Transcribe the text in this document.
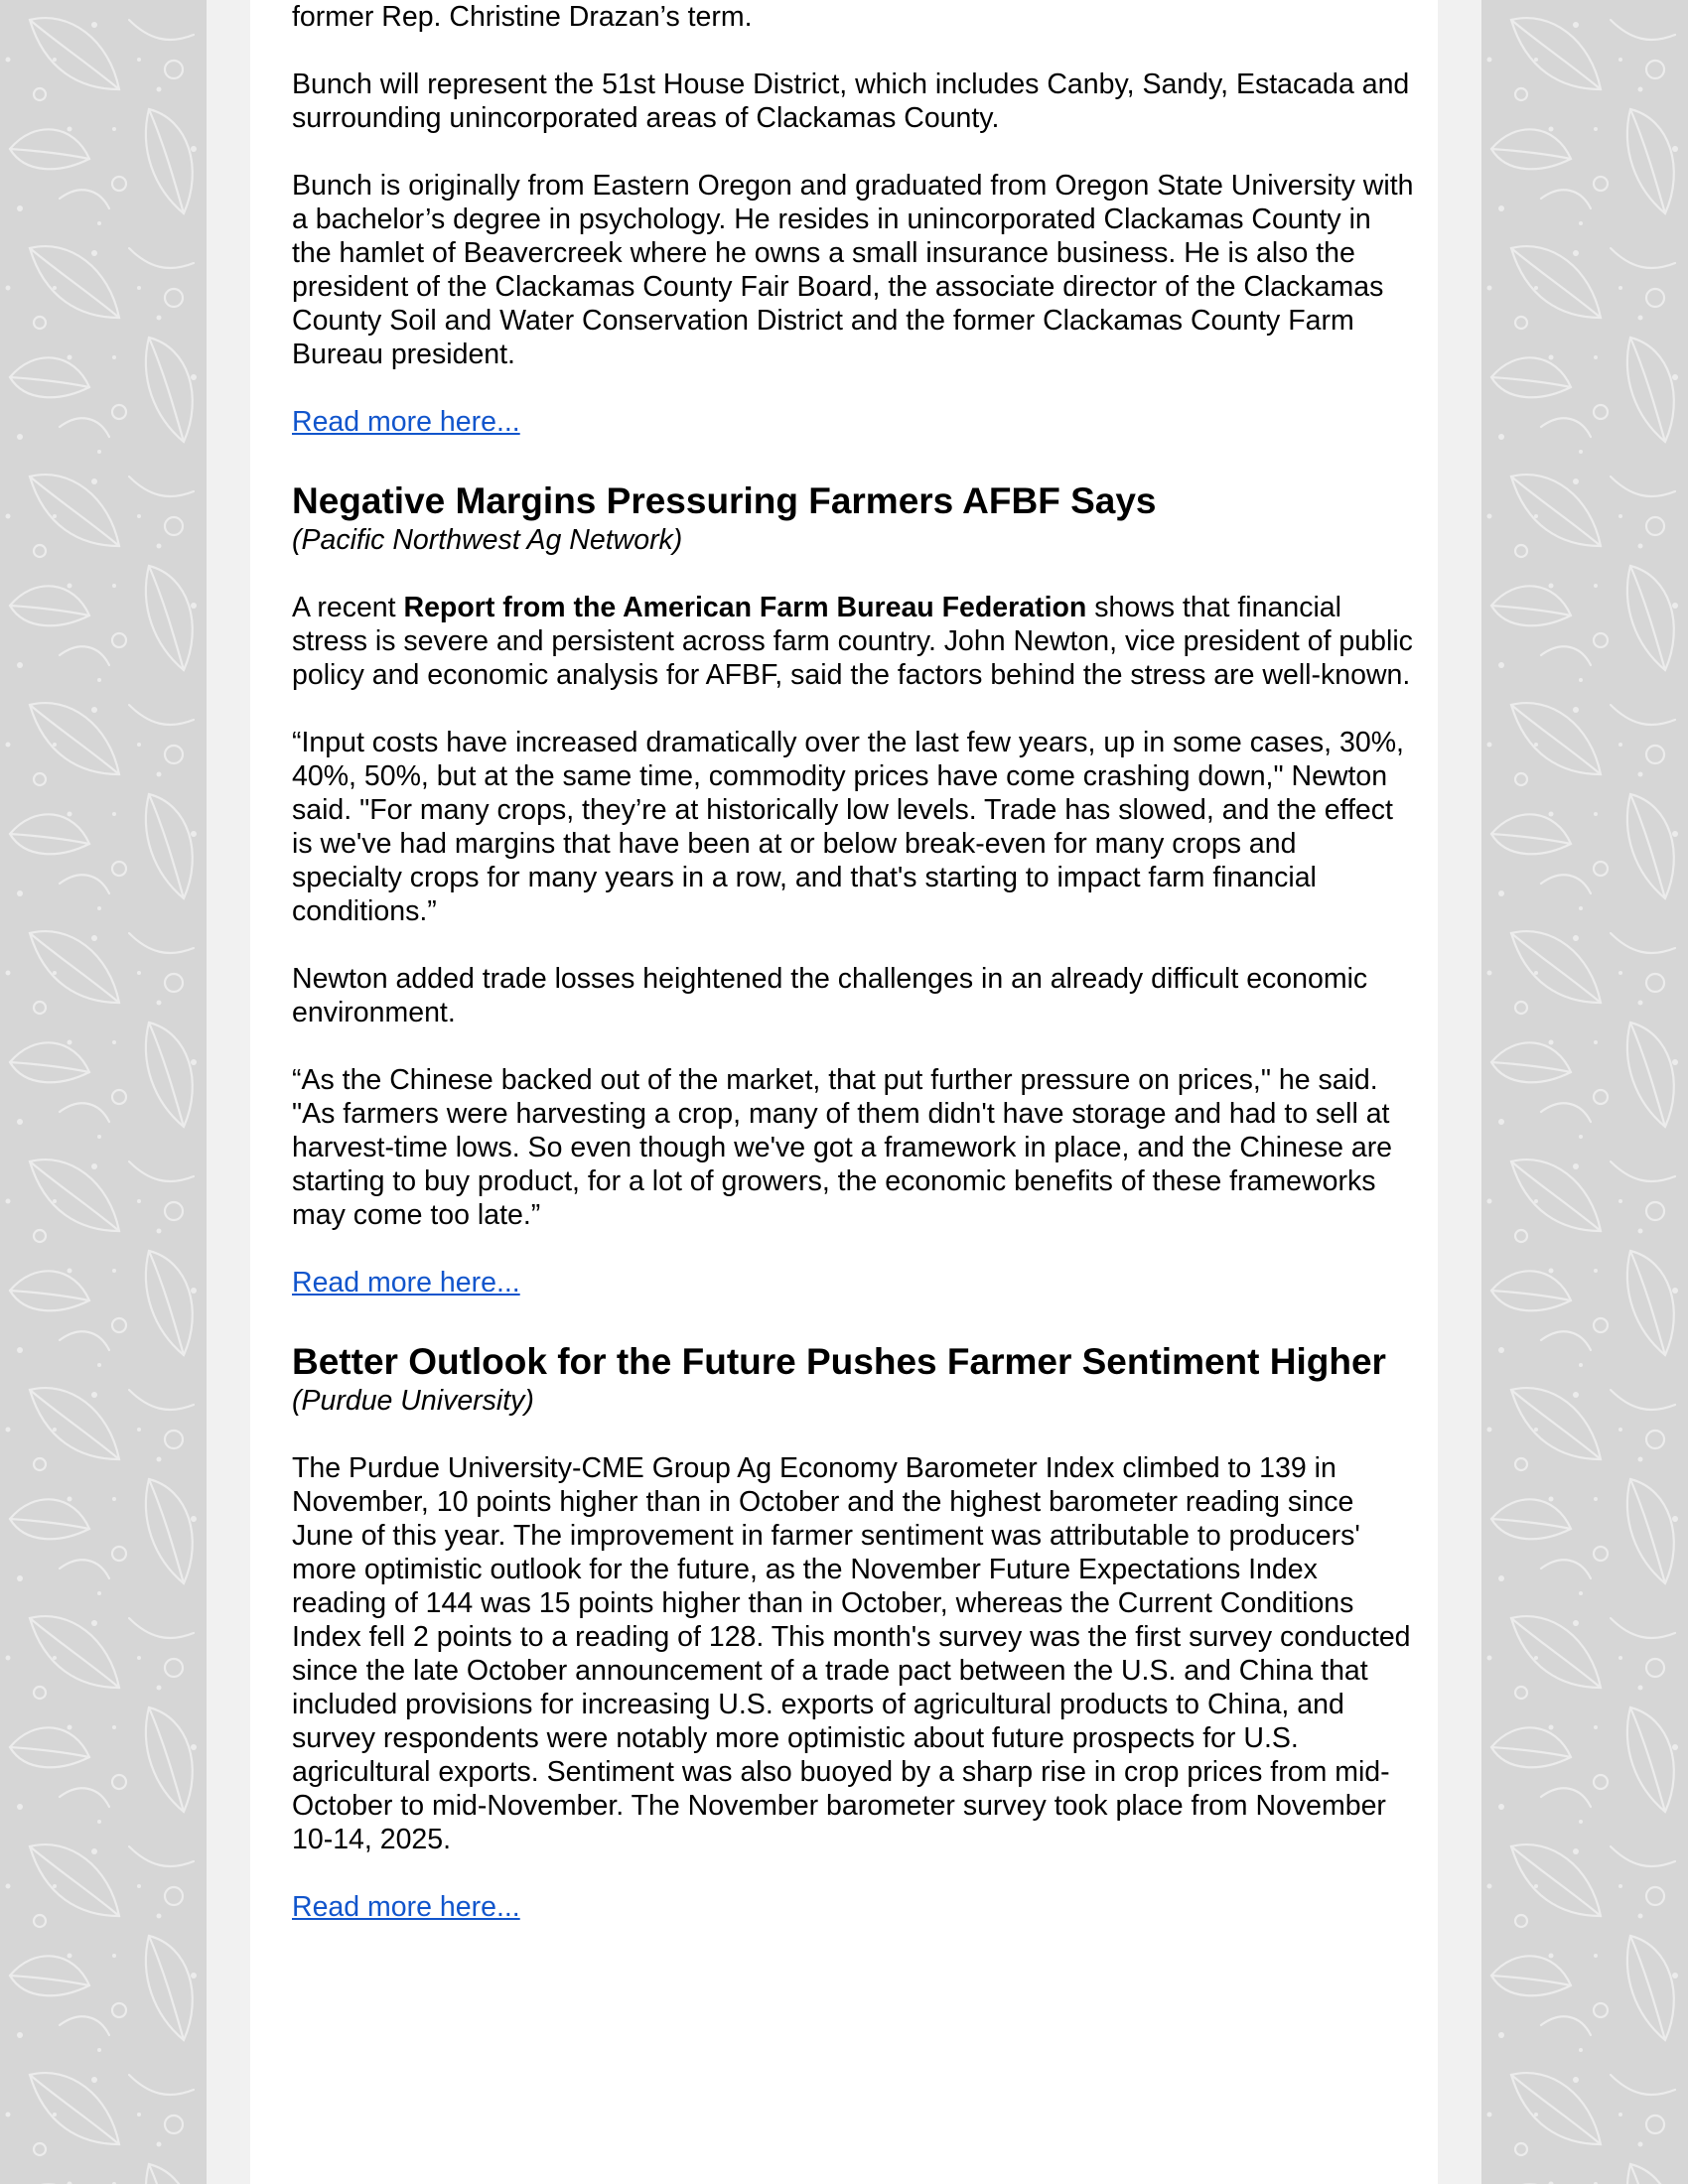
former Rep. Christine Drazan’s term.

Bunch will represent the 51st House District, which includes Canby, Sandy, Estacada and surrounding unincorporated areas of Clackamas County.

Bunch is originally from Eastern Oregon and graduated from Oregon State University with a bachelor’s degree in psychology. He resides in unincorporated Clackamas County in the hamlet of Beavercreek where he owns a small insurance business. He is also the president of the Clackamas County Fair Board, the associate director of the Clackamas County Soil and Water Conservation District and the former Clackamas County Farm Bureau president.

Read more here...

Negative Margins Pressuring Farmers AFBF Says

(Pacific Northwest Ag Network)

A recent Report from the American Farm Bureau Federation shows that financial stress is severe and persistent across farm country. John Newton, vice president of public policy and economic analysis for AFBF, said the factors behind the stress are well-known.

“Input costs have increased dramatically over the last few years, up in some cases, 30%, 40%, 50%, but at the same time, commodity prices have come crashing down," Newton said. "For many crops, they’re at historically low levels. Trade has slowed, and the effect is we've had margins that have been at or below break-even for many crops and specialty crops for many years in a row, and that's starting to impact farm financial conditions.”

Newton added trade losses heightened the challenges in an already difficult economic environment.

“As the Chinese backed out of the market, that put further pressure on prices," he said. "As farmers were harvesting a crop, many of them didn't have storage and had to sell at harvest-time lows. So even though we've got a framework in place, and the Chinese are starting to buy product, for a lot of growers, the economic benefits of these frameworks may come too late.”

Read more here...

Better Outlook for the Future Pushes Farmer Sentiment Higher

(Purdue University)

The Purdue University-CME Group Ag Economy Barometer Index climbed to 139 in November, 10 points higher than in October and the highest barometer reading since June of this year. The improvement in farmer sentiment was attributable to producers' more optimistic outlook for the future, as the November Future Expectations Index reading of 144 was 15 points higher than in October, whereas the Current Conditions Index fell 2 points to a reading of 128. This month's survey was the first survey conducted since the late October announcement of a trade pact between the U.S. and China that included provisions for increasing U.S. exports of agricultural products to China, and survey respondents were notably more optimistic about future prospects for U.S. agricultural exports. Sentiment was also buoyed by a sharp rise in crop prices from mid-October to mid-November. The November barometer survey took place from November 10-14, 2025.

Read more here...
